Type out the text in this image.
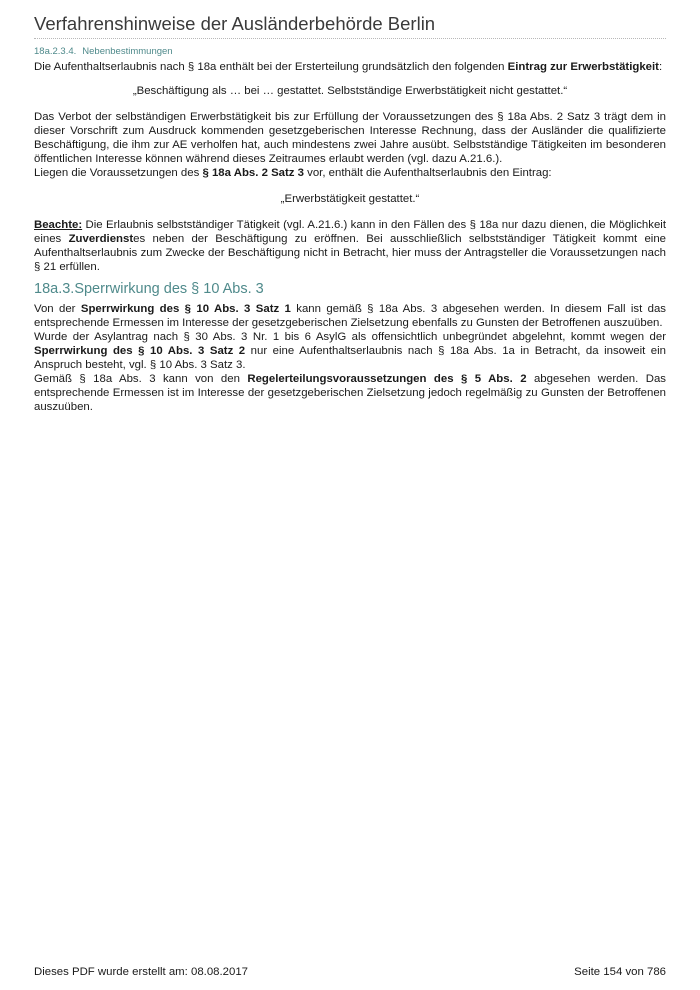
Verfahrenshinweise der Ausländerbehörde Berlin
18a.2.3.4. Nebenbestimmungen

Die Aufenthaltserlaubnis nach § 18a enthält bei der Ersterteilung grundsätzlich den folgenden Eintrag zur Erwerbstätigkeit:

„Beschäftigung als … bei … gestattet. Selbstständige Erwerbstätigkeit nicht gestattet.“

Das Verbot der selbständigen Erwerbstätigkeit bis zur Erfüllung der Voraussetzungen des § 18a Abs. 2 Satz 3 trägt dem in dieser Vorschrift zum Ausdruck kommenden gesetzgeberischen Interesse Rechnung, dass der Ausländer die qualifizierte Beschäftigung, die ihm zur AE verholfen hat, auch mindestens zwei Jahre ausübt. Selbstständige Tätigkeiten im besonderen öffentlichen Interesse können während dieses Zeitraumes erlaubt werden (vgl. dazu A.21.6.).

Liegen die Voraussetzungen des § 18a Abs. 2 Satz 3 vor, enthält die Aufenthaltserlaubnis den Eintrag:

„Erwerbstätigkeit gestattet.“

Beachte: Die Erlaubnis selbstständiger Tätigkeit (vgl. A.21.6.) kann in den Fällen des § 18a nur dazu dienen, die Möglichkeit eines Zuverdienstes neben der Beschäftigung zu eröffnen. Bei ausschließlich selbstständiger Tätigkeit kommt eine Aufenthaltserlaubnis zum Zwecke der Beschäftigung nicht in Betracht, hier muss der Antragsteller die Voraussetzungen nach § 21 erfüllen.

18a.3.Sperrwirkung des § 10 Abs. 3

Von der Sperrwirkung des § 10 Abs. 3 Satz 1 kann gemäß § 18a Abs. 3 abgesehen werden. In diesem Fall ist das entsprechende Ermessen im Interesse der gesetzgeberischen Zielsetzung ebenfalls zu Gunsten der Betroffenen auszuüben.

Wurde der Asylantrag nach § 30 Abs. 3 Nr. 1 bis 6 AsylG als offensichtlich unbegründet abgelehnt, kommt wegen der Sperrwirkung des § 10 Abs. 3 Satz 2 nur eine Aufenthaltserlaubnis nach § 18a Abs. 1a in Betracht, da insoweit ein Anspruch besteht, vgl. § 10 Abs. 3 Satz 3.

Gemäß § 18a Abs. 3 kann von den Regelerteilungsvoraussetzungen des § 5 Abs. 2 abgesehen werden. Das entsprechende Ermessen ist im Interesse der gesetzgeberischen Zielsetzung jedoch regelmäßig zu Gunsten der Betroffenen auszuüben.

Dieses PDF wurde erstellt am: 08.08.2017	Seite 154 von 786
